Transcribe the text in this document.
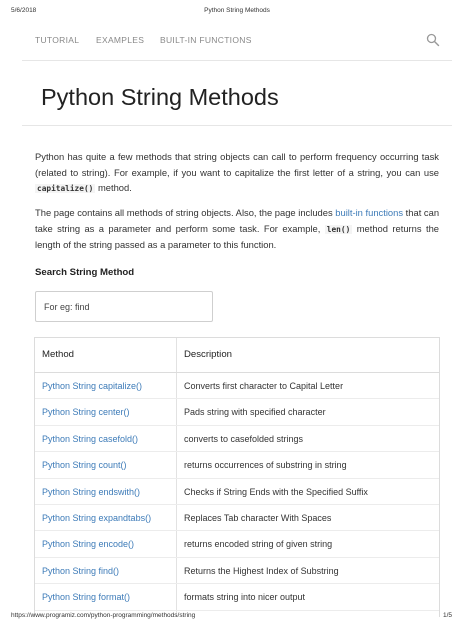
5/6/2018	Python String Methods
TUTORIAL EXAMPLES BUILT-IN FUNCTIONS
Python String Methods

Python has quite a few methods that string objects can call to perform frequency occurring task (related to string). For example, if you want to capitalize the first letter of a string, you can use capitalize() method.

The page contains all methods of string objects. Also, the page includes built-in functions that can take string as a parameter and perform some task. For example, len() method returns the length of the string passed as a parameter to this function.

Search String Method
For eg: find
Method	Description
Python String capitalize()	Converts first character to Capital Letter
Python String center()	Pads string with specified character
Python String casefold()	converts to casefolded strings
Python String count()	returns occurrences of substring in string
Python String endswith()	Checks if String Ends with the Specified Suffix
Python String expandtabs()	Replaces Tab character With Spaces
Python String encode()	returns encoded string of given string
Python String find()	Returns the Highest Index of Substring
Python String format()	formats string into nicer output
https://www.programiz.com/python-programming/methods/string	1/5
